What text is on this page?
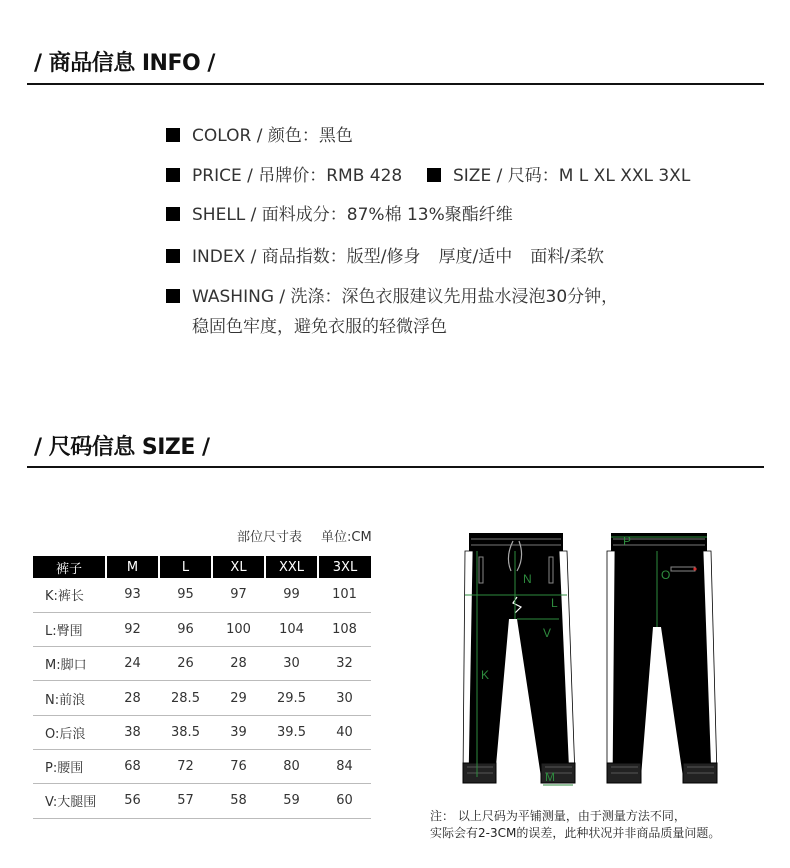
/ 商品信息 INFO /
COLOR / 颜色：黑色
PRICE / 吊牌价：RMB 428	SIZE / 尺码：M L XL XXL 3XL
SHELL / 面料成分：87%棉 13%聚酯纤维
INDEX / 商品指数：版型/修身 厚度/适中 面料/柔软
WASHING / 洗涤：深色衣服建议先用盐水浸泡30分钟，
稳固色牢度，避免衣服的轻微浮色
/ 尺码信息 SIZE /
部位尺寸表 单位:CM
裤子	M	L	XL	XXL	3XL
K:裤长	93	95	97	99	101
L:臀围	92	96	100	104	108
M:脚口	24	26	28	30	32
N:前浪	28	28.5	29	29.5	30
O:后浪	38	38.5	39	39.5	40
P:腰围	68	72	76	80	84
V:大腿围	56	57	58	59	60
N
L
V
K
M
P
O
注： 以上尺码为平铺测量，由于测量方法不同，
实际会有2-3CM的误差，此种状况并非商品质量问题。
